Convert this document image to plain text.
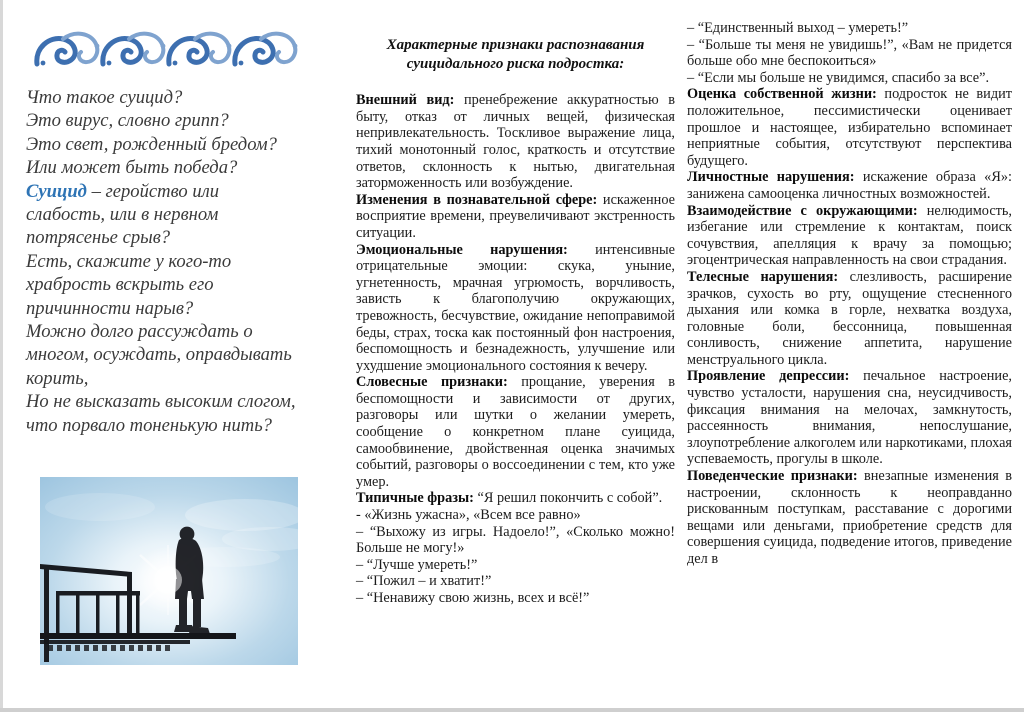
Что такое суицид?
Это вирус, словно грипп?
Это свет, рожденный бредом?
Или может быть победа?
Суицид – геройство или
слабость, или в нервном
потрясенье срыв?
Есть, скажите у кого-то
храбрость вскрыть его
причинности нарыв?
Можно долго рассуждать о
многом, осуждать, оправдывать
корить,
Но не высказать высоким слогом,
что порвало тоненькую нить?

Характерные признаки распознавания суицидального риска подростка:

Внешний вид: пренебрежение аккуратностью в быту, отказ от личных вещей, физическая непривлекательность. Тоскливое выражение лица, тихий монотонный голос, краткость и отсутствие ответов, склонность к нытью, двигательная заторможенность или возбуждение.

Изменения в познавательной сфере: искаженное восприятие времени, преувеличивают экстренность ситуации.

Эмоциональные нарушения: интенсивные отрицательные эмоции: скука, уныние, угнетенность, мрачная угрюмость, ворчливость, зависть к благополучию окружающих, тревожность, бесчувствие, ожидание непоправимой беды, страх, тоска как постоянный фон настроения, беспомощность и безнадежность, улучшение или ухудшение эмоционального состояния к вечеру.

Словесные признаки: прощание, уверения в беспомощности и зависимости от других, разговоры или шутки о желании умереть, сообщение о конкретном плане суицида, самообвинение, двойственная оценка значимых событий, разговоры о воссоединении с тем, кто уже умер.

Типичные фразы: “Я решил покончить с собой”.

- «Жизнь ужасна», «Всем все равно»

– “Выхожу из игры. Надоело!”, «Сколько можно! Больше не могу!»

– “Лучше умереть!”

– “Пожил – и хватит!”

– “Ненавижу свою жизнь, всех и всё!”

– “Единственный выход – умереть!”

– “Больше ты меня не увидишь!”, «Вам не придется больше обо мне беспокоиться»

– “Если мы больше не увидимся, спасибо за все”.

Оценка собственной жизни: подросток не видит положительное, пессимистически оценивает прошлое и настоящее, избирательно вспоминает неприятные события, отсутствуют перспектива будущего.

Личностные нарушения: искажение образа «Я»: занижена самооценка личностных возможностей.

Взаимодействие с окружающими: нелюдимость, избегание или стремление к контактам, поиск сочувствия, апелляция к врачу за помощью; эгоцентрическая направленность на свои страдания.

Телесные нарушения: слезливость, расширение зрачков, сухость во рту, ощущение стесненного дыхания или комка в горле, нехватка воздуха, головные боли, бессонница, повышенная сонливость, снижение аппетита, нарушение менструального цикла.

Проявление депрессии: печальное настроение, чувство усталости, нарушения сна, неусидчивость, фиксация внимания на мелочах, замкнутость, рассеянность внимания, непослушание, злоупотребление алкоголем или наркотиками, плохая успеваемость, прогулы в школе.

Поведенческие признаки: внезапные изменения в настроении, склонность к неоправданно рискованным поступкам, расставание с дорогими вещами или деньгами, приобретение средств для совершения суицида, подведение итогов, приведение дел в
